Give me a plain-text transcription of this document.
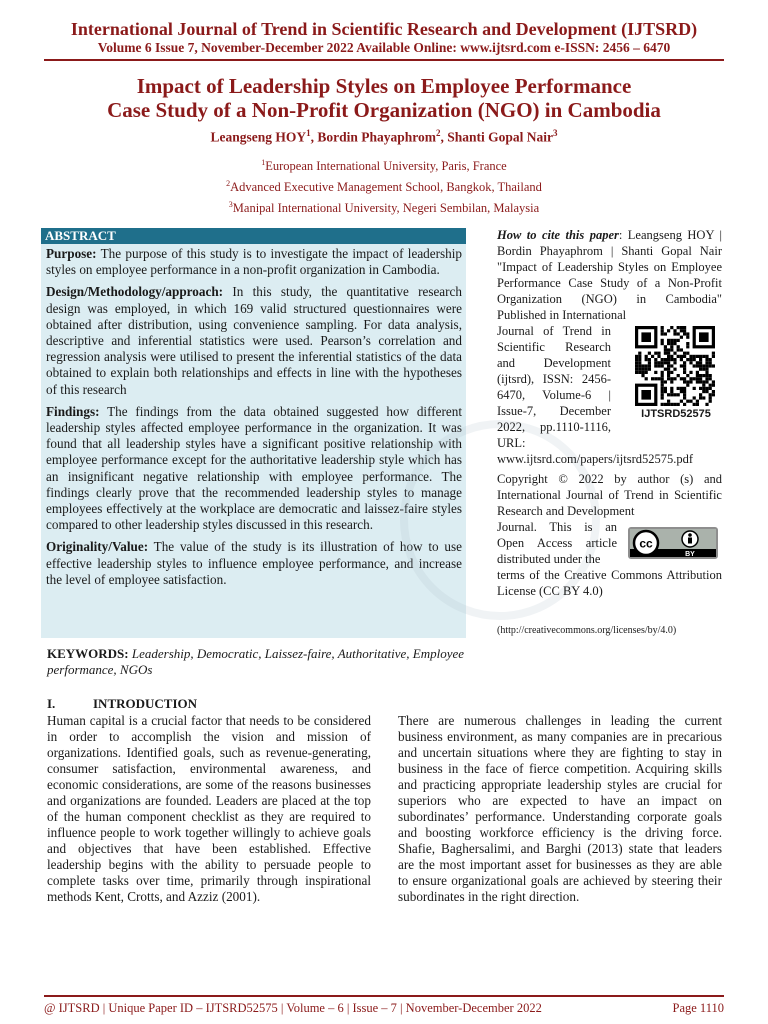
International Journal of Trend in Scientific Research and Development (IJTSRD)
Volume 6 Issue 7, November-December 2022 Available Online: www.ijtsrd.com e-ISSN: 2456 – 6470
Impact of Leadership Styles on Employee Performance
Case Study of a Non-Profit Organization (NGO) in Cambodia
Leangseng HOY$^1$, Bordin Phayaphrom$^2$, Shanti Gopal Nair$^3$
$^1$European International University, Paris, France
$^2$Advanced Executive Management School, Bangkok, Thailand
$^3$Manipal International University, Negeri Sembilan, Malaysia
ABSTRACT

Purpose: The purpose of this study is to investigate the impact of leadership styles on employee performance in a non-profit organization in Cambodia.

Design/Methodology/approach: In this study, the quantitative research design was employed, in which 169 valid structured questionnaires were obtained after distribution, using convenience sampling. For data analysis, descriptive and inferential statistics were used. Pearson’s correlation and regression analysis were utilised to present the inferential statistics of the data obtained to explain both relationships and effects in line with the hypotheses of this research

Findings: The findings from the data obtained suggested how different leadership styles affected employee performance in the organization. It was found that all leadership styles have a significant positive relationship with employee performance except for the authoritative leadership style which has an insignificant negative relationship with employee performance. The findings clearly prove that the recommended leadership styles to manage employees effectively at the workplace are democratic and laissez-faire styles compared to other leadership styles discussed in this research.

Originality/Value: The value of the study is its illustration of how to use effective leadership styles to influence employee performance, and increase the level of employee satisfaction.

KEYWORDS: Leadership, Democratic, Laissez-faire, Authoritative, Employee performance, NGOs
How to cite this paper: Leangseng HOY | Bordin Phayaphrom | Shanti Gopal Nair "Impact of Leadership Styles on Employee Performance Case Study of a Non-Profit Organization (NGO) in Cambodia" Published in International
Journal of Trend in Scientific Research and Development (ijtsrd), ISSN: 2456-6470, Volume-6 | Issue-7, December 2022, pp.1110-1116, URL:
www.ijtsrd.com/papers/ijtsrd52575.pdf
IJTSRD52575
Copyright © 2022 by author (s) and International Journal of Trend in Scientific Research and Development
Journal. This is an Open Access article distributed under the
terms of the Creative Commons Attribution License (CC BY 4.0)
cc
BY
(http://creativecommons.org/licenses/by/4.0)
I.	INTRODUCTION
Human capital is a crucial factor that needs to be considered in order to accomplish the vision and mission of organizations. Identified goals, such as revenue-generating, consumer satisfaction, environmental awareness, and economic considerations, are some of the reasons businesses and organizations are founded. Leaders are placed at the top of the human component checklist as they are required to influence people to work together willingly to achieve goals and objectives that have been established. Effective leadership begins with the ability to persuade people to complete tasks over time, primarily through inspirational methods Kent, Crotts, and Azziz (2001).
There are numerous challenges in leading the current business environment, as many companies are in precarious and uncertain situations where they are fighting to stay in business in the face of fierce competition. Acquiring skills and practicing appropriate leadership styles are crucial for superiors who are expected to have an impact on subordinates’ performance. Understanding corporate goals and boosting workforce efficiency is the driving force. Shafie, Baghersalimi, and Barghi (2013) state that leaders are the most important asset for businesses as they are able to ensure organizational goals are achieved by steering their subordinates in the right direction.
@ IJTSRD | Unique Paper ID – IJTSRD52575 | Volume – 6 | Issue – 7 | November-December 2022	Page 1110
